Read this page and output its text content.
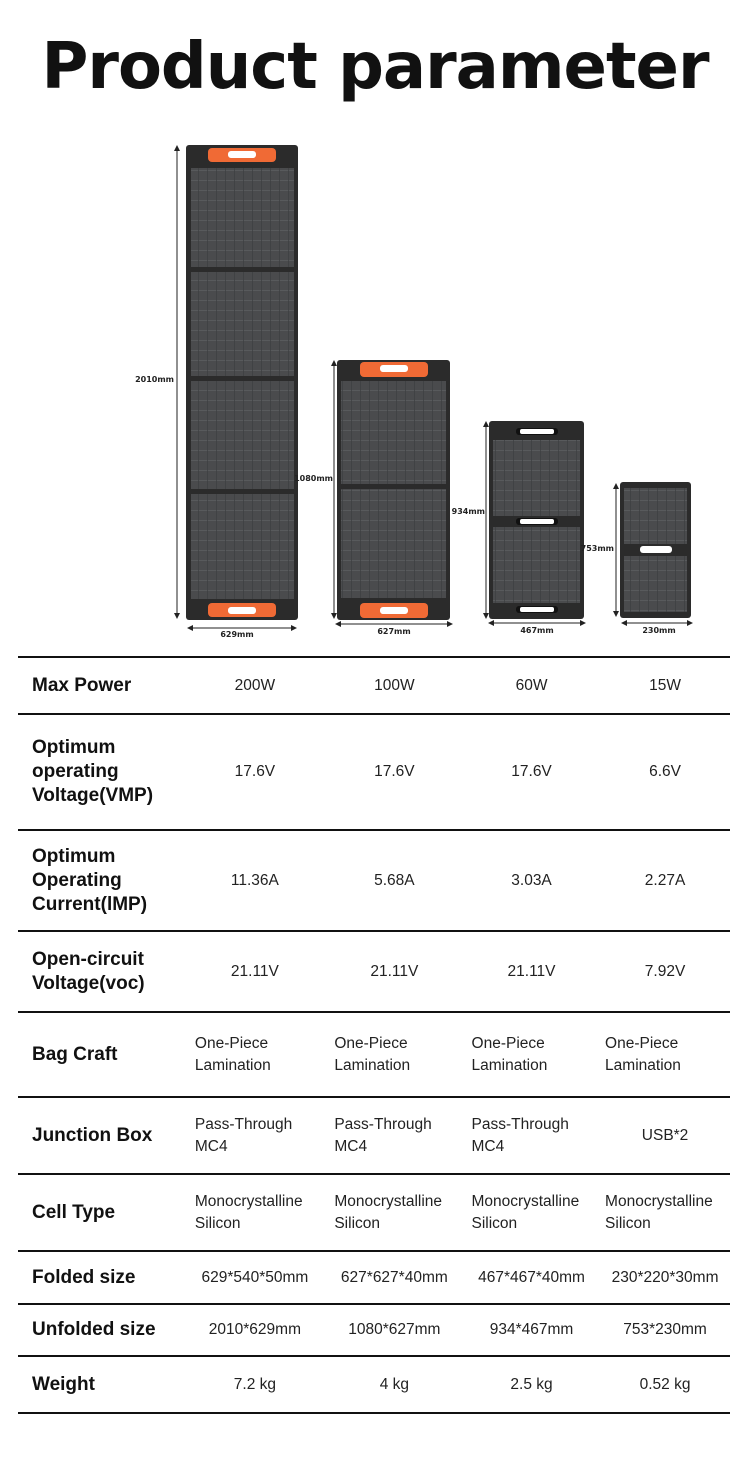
Product parameter
2010mm
629mm
1080mm
627mm
934mm
467mm
753mm
230mm
Max Power	200W	100W	60W	15W
Optimum operating Voltage(VMP)	17.6V	17.6V	17.6V	6.6V
Optimum Operating Current(lMP)	11.36A	5.68A	3.03A	2.27A
Open-circuit Voltage(voc)	21.11V	21.11V	21.11V	7.92V
Bag Craft	One-Piece Lamination	One-Piece Lamination	One-Piece Lamination	One-Piece Lamination
Junction Box	Pass-Through MC4	Pass-Through MC4	Pass-Through MC4	USB*2
Cell Type	Monocrystalline Silicon	Monocrystalline Silicon	Monocrystalline Silicon	Monocrystalline Silicon
Folded size	629*540*50mm	627*627*40mm	467*467*40mm	230*220*30mm
Unfolded size	2010*629mm	1080*627mm	934*467mm	753*230mm
Weight	7.2 kg	4 kg	2.5 kg	0.52 kg
